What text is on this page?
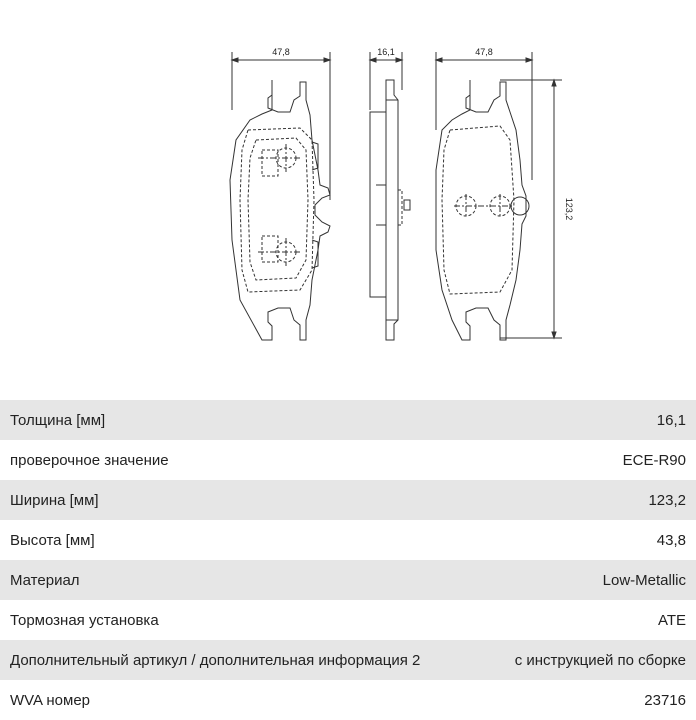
47,8	16,1	47,8
123,2
Толщина [мм]	16,1
проверочное значение	ECE-R90
Ширина [мм]	123,2
Высота [мм]	43,8
Материал	Low-Metallic
Тормозная установка	ATE
Дополнительный артикул / дополнительная информация 2	с инструкцией по сборке
WVA номер	23716
